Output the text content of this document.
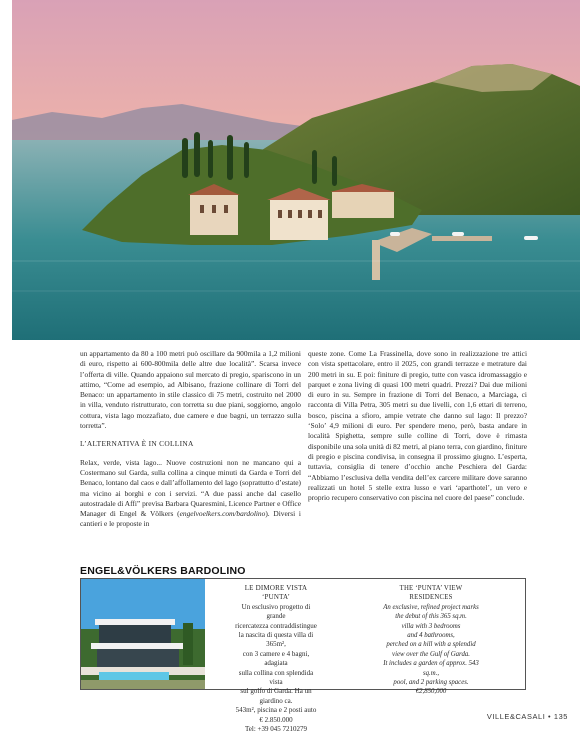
un appartamento da 80 a 100 metri può oscillare da 900mila a 1,2 milioni di euro, rispetto ai 600-800mila delle altre due località”. Scarsa invece l’offerta di ville. Quando appaiono sul mercato di pregio, spariscono in un attimo, “Come ad esempio, ad Albisano, frazione collinare di Torri del Benaco: un appartamento in stile classico di 75 metri, costruito nel 2000 in villa, venduto ristrutturato, con torretta su due piani, soggiorno, angolo cottura, vista lago mozzafiato, due camere e due bagni, un terrazzo sulla torretta”.

L’ALTERNATIVA È IN COLLINA

Relax, verde, vista lago... Nuove costruzioni non ne mancano qui a Costermano sul Garda, sulla collina a cinque minuti da Garda e Torri del Benaco, lontano dal caos e dall’affollamento del lago (soprattutto d’estate) ma vicino ai borghi e con i servizi. “A due passi anche dal casello autostradale di Affi” prevìsa Barbara Quaresmini, Licence Partner e Office Manager di Engel & Völkers (engelvoelkers.com/bardolino). Diversi i cantieri e le proposte in

queste zone. Come La Frassinella, dove sono in realizzazione tre attici con vista spettacolare, entro il 2025, con grandi terrazze e metrature dai 200 metri in su. E poi: finiture di pregio, tutte con vasca idromassaggio e parquet e zona living di quasi 100 metri quadri. Prezzi? Dai due milioni di euro in su. Sempre in frazione di Torri del Benaco, a Marciaga, ci racconta di Villa Petra, 305 metri su due livelli, con 1,6 ettari di terreno, bosco, piscina a sfioro, ampie vetrate che danno sul lago: Il prezzo? ‘Solo’ 4,9 milioni di euro. Per spendere meno, però, basta andare in località Spighetta, sempre sulle colline di Torri, dove è rimasta disponibile una sola unità di 82 metri, al piano terra, con giardino, finiture di pregio e piscina condivisa, in consegna il prossimo giugno. L’esperta, tuttavia, consiglia di tenere d’occhio anche Peschiera del Garda: “Abbiamo l’esclusiva della vendita dell’ex carcere militare dove saranno realizzati un hotel 5 stelle extra lusso e vari ‘aparthotel’, un vero e proprio recupero conservativo con piscina nel cuore del paese” conclude.

ENGEL&VÖLKERS BARDOLINO
LE DIMORE VISTA ‘PUNTA’
Un esclusivo progetto di grande
ricercatezza contraddistingue
la nascita di questa villa di 365m²,
con 3 camere e 4 bagni, adagiata
sulla collina con splendida vista
sul golfo di Garda. Ha un giardino ca.
543m², piscina e 2 posti auto
€ 2.850.000
Tel: +39 045 7210279
THE ‘PUNTA’ VIEW RESIDENCES
An exclusive, refined project marks
the debut of this 365 sq.m.
villa with 3 bedrooms
and 4 bathrooms,
perched on a hill with a splendid
view over the Gulf of Garda.
It includes a garden of approx. 543 sq.m.,
pool, and 2 parking spaces.
€2,850,000
VILLE&CASALI • 135
